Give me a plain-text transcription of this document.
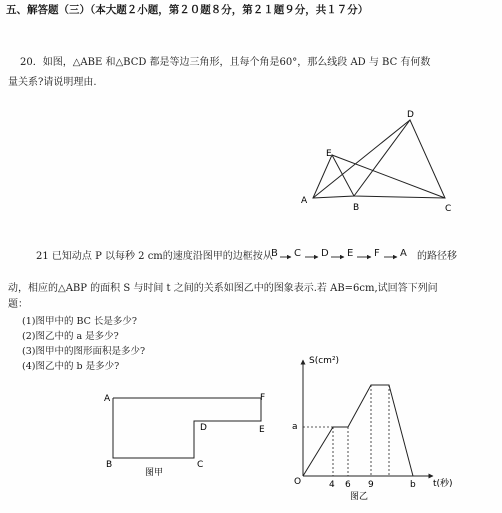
五、解答题（三）（本大题２小题，第２０题８分，第２１题９分，共１７分）
20．如图，△ABE 和△BCD 都是等边三角形，且每个角是60°，那么线段 AD 与 BC 有何数
量关系?请说明理由.
21 已知动点 P 以每秒 2 cm的速度沿图甲的边框按从
B C D E F A 的路径移
动，相应的△ABP 的面积 S 与时间 t 之间的关系如图乙中的图象表示.若 AB=6cm,试回答下列问
题：
(1)图甲中的 BC 长是多少?
(2)图乙中的 a 是多少?
(3)图甲中的图形面积是多少?
(4)图乙中的 b 是多少?
A
B	C
D
E
A
B	C
D	E
F
图甲
S(cm²)
t(秒)
O
a
4 6 9	b
图乙
